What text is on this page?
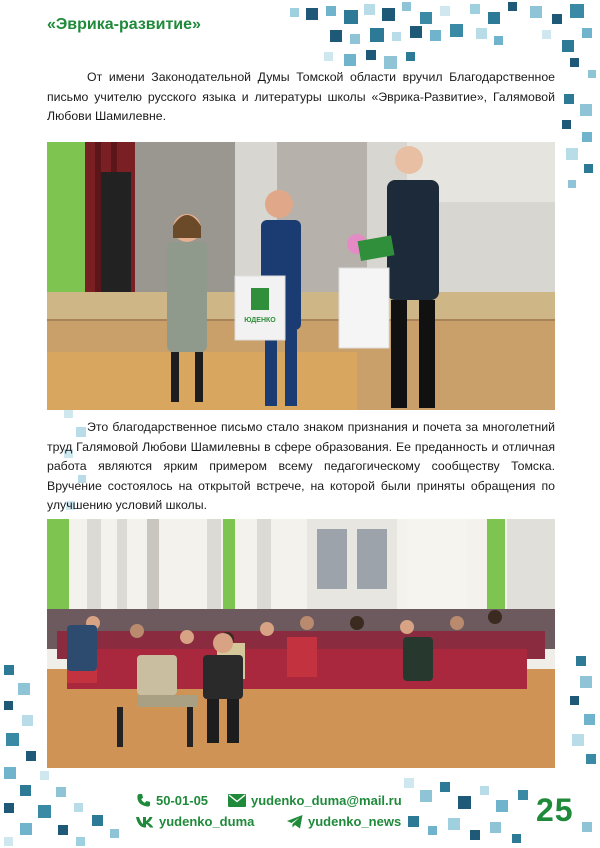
«Эврика-развитие»

От имени Законодательной Думы Томской области вручил Благодарственное письмо учителю русского языка и литературы школы «Эврика-Развитие», Галямовой Любови Шамилевне.

ЮДЕНКО

Это благодарственное письмо стало знаком признания и почета за многолетний труд Галямовой Любови Шамилевны в сфере образования. Ее преданность и отличная работа являются ярким примером всему педагогическому сообществу Томска. Вручение состоялось на открытой встрече, на которой были приняты обращения по улучшению условий школы.

50-01-05	yudenko_duma@mail.ru
yudenko_duma	yudenko_news	25
